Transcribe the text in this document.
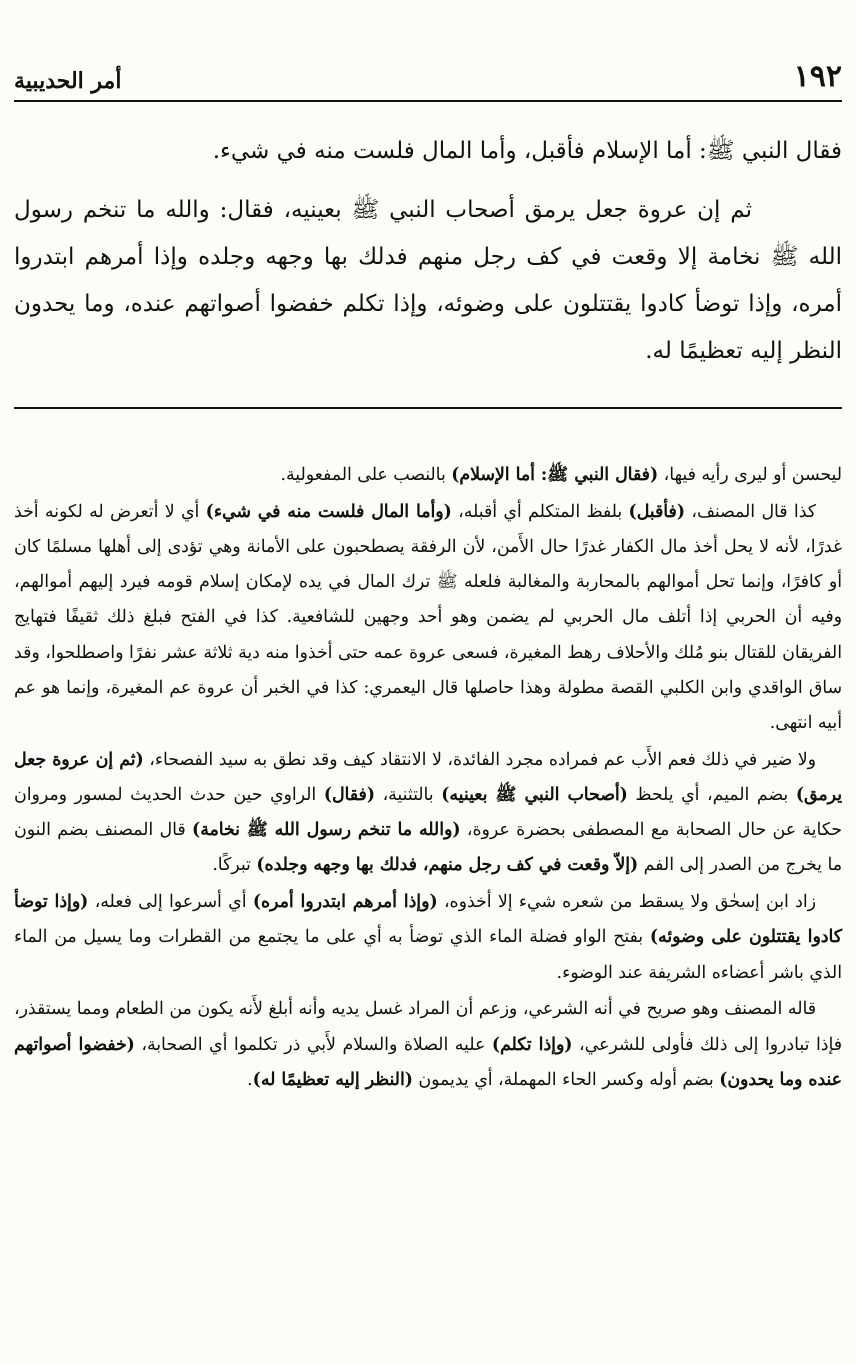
١٩٢
أمر الحديبية

فقال النبي ﷺ: أما الإسلام فأقبل، وأما المال فلست منه في شيء.

ثم إن عروة جعل يرمق أصحاب النبي ﷺ بعينيه، فقال: والله ما تنخم رسول الله ﷺ نخامة إلا وقعت في كف رجل منهم فدلك بها وجهه وجلده وإذا أمرهم ابتدروا أمره، وإذا توضأ كادوا يقتتلون على وضوئه، وإذا تكلم خفضوا أصواتهم عنده، وما يحدون النظر إليه تعظيمًا له.

ليحسن أو ليرى رأيه فيها، (فقال النبي ﷺ: أما الإسلام) بالنصب على المفعولية.

كذا قال المصنف، (فأقبل) بلفظ المتكلم أي أقبله، (وأما المال فلست منه في شيء) أي لا أتعرض له لكونه أخذ غدرًا، لأنه لا يحل أخذ مال الكفار غدرًا حال الأَمن، لأن الرفقة يصطحبون على الأمانة وهي تؤدى إلى أهلها مسلمًا كان أو كافرًا، وإنما تحل أموالهم بالمحاربة والمغالبة فلعله ﷺ ترك المال في يده لإمكان إسلام قومه فيرد إليهم أموالهم، وفيه أن الحربي إذا أتلف مال الحربي لم يضمن وهو أحد وجهين للشافعية. كذا في الفتح فبلغ ذلك ثقيفًا فتهايج الفريقان للقتال بنو مُلك والأحلاف رهط المغيرة، فسعى عروة عمه حتى أخذوا منه دية ثلاثة عشر نفرًا واصطلحوا، وقد ساق الواقدي وابن الكلبي القصة مطولة وهذا حاصلها قال اليعمري: كذا في الخبر أن عروة عم المغيرة، وإنما هو عم أبيه انتهى.

ولا ضير في ذلك فعم الأَب عم فمراده مجرد الفائدة، لا الانتقاد كيف وقد نطق به سيد الفصحاء، (ثم إن عروة جعل يرمق) بضم الميم، أي يلحظ (أصحاب النبي ﷺ بعينيه) بالتثنية، (فقال) الراوي حين حدث الحديث لمسور ومروان حكاية عن حال الصحابة مع المصطفى بحضرة عروة، (والله ما تنخم رسول الله ﷺ نخامة) قال المصنف بضم النون ما يخرج من الصدر إلى الفم (إلاّ وقعت في كف رجل منهم، فدلك بها وجهه وجلده) تبركًا.

زاد ابن إسحٰق ولا يسقط من شعره شيء إلا أخذوه، (وإذا أمرهم ابتدروا أمره) أي أسرعوا إلى فعله، (وإذا توضأ كادوا يقتتلون على وضوئه) بفتح الواو فضلة الماء الذي توضأ به أي على ما يجتمع من القطرات وما يسيل من الماء الذي باشر أعضاءه الشريفة عند الوضوء.

قاله المصنف وهو صريح في أنه الشرعي، وزعم أن المراد غسل يديه وأنه أبلغ لأَنه يكون من الطعام ومما يستقذر، فإذا تبادروا إلى ذلك فأولى للشرعي، (وإذا تكلم) عليه الصلاة والسلام لأَبي ذر تكلموا أي الصحابة، (خفضوا أصواتهم عنده وما يحدون) بضم أوله وكسر الحاء المهملة، أي يديمون (النظر إليه تعظيمًا له).
